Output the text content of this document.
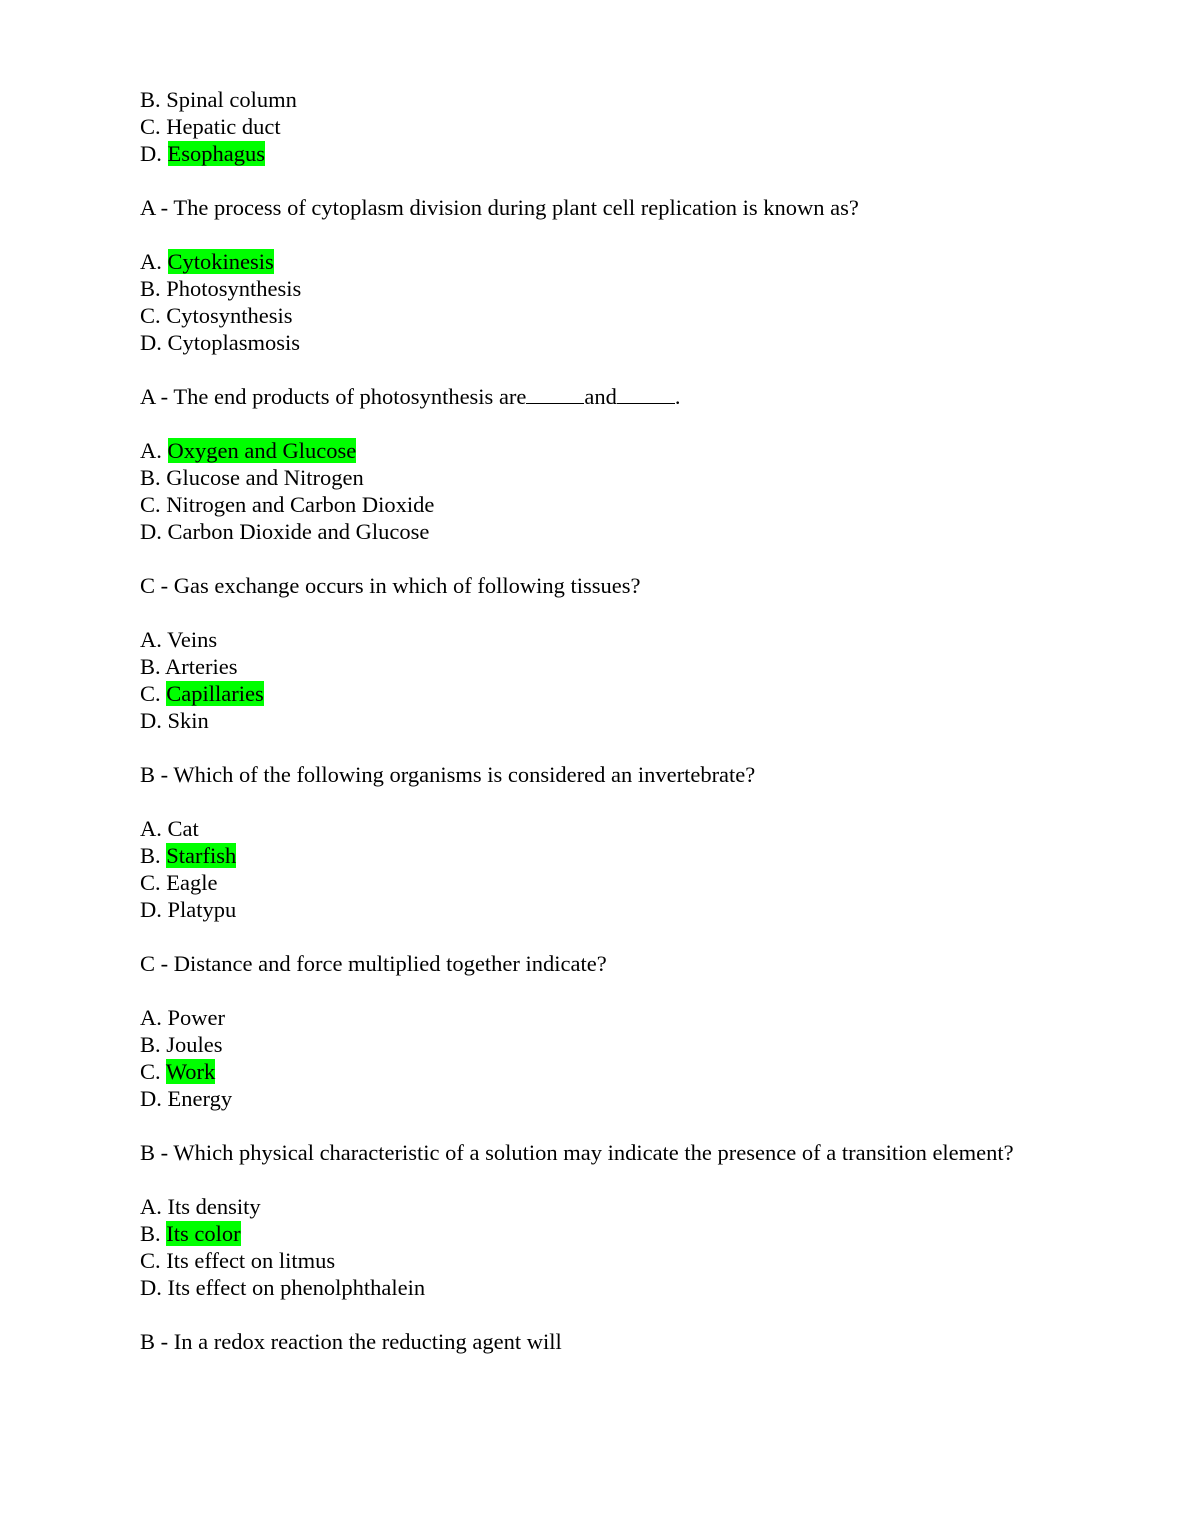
B. Spinal column
C. Hepatic duct
D. Esophagus
A - The process of cytoplasm division during plant cell replication is known as?
A. Cytokinesis
B. Photosynthesis
C. Cytosynthesis
D. Cytoplasmosis
A - The end products of photosynthesis are	and	.
A. Oxygen and Glucose
B. Glucose and Nitrogen
C. Nitrogen and Carbon Dioxide
D. Carbon Dioxide and Glucose
C - Gas exchange occurs in which of following tissues?
A. Veins
B. Arteries
C. Capillaries
D. Skin
B - Which of the following organisms is considered an invertebrate?
A. Cat
B. Starfish
C. Eagle
D. Platypu
C - Distance and force multiplied together indicate?
A. Power
B. Joules
C. Work
D. Energy
B - Which physical characteristic of a solution may indicate the presence of a transition element?
A. Its density
B. Its color
C. Its effect on litmus
D. Its effect on phenolphthalein
B - In a redox reaction the reducting agent will
